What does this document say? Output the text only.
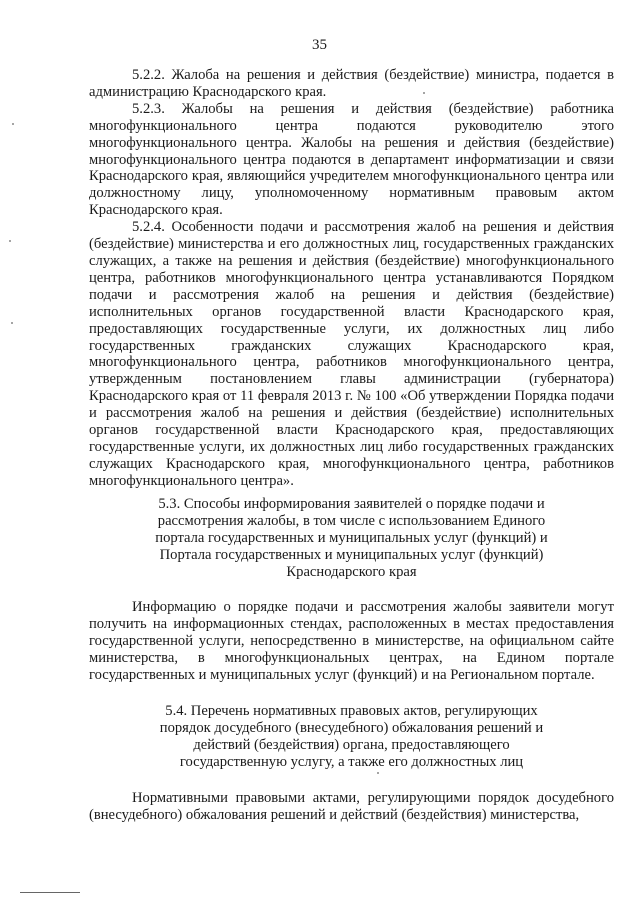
35

5.2.2. Жалоба на решения и действия (бездействие) министра, подается в администрацию Краснодарского края.

5.2.3. Жалобы на решения и действия (бездействие) работника многофункционального центра подаются руководителю этого многофункционального центра. Жалобы на решения и действия (бездействие) многофункционального центра подаются в департамент информатизации и связи Краснодарского края, являющийся учредителем многофункционального центра или должностному лицу, уполномоченному нормативным правовым актом Краснодарского края.

5.2.4. Особенности подачи и рассмотрения жалоб на решения и действия (бездействие) министерства и его должностных лиц, государственных гражданских служащих, а также на решения и действия (бездействие) многофункционального центра, работников многофункционального центра устанавливаются Порядком подачи и рассмотрения жалоб на решения и действия (бездействие) исполнительных органов государственной власти Краснодарского края, предоставляющих государственные услуги, их должностных лиц либо государственных гражданских служащих Краснодарского края, многофункционального центра, работников многофункционального центра, утвержденным постановлением главы администрации (губернатора) Краснодарского края от 11 февраля 2013 г. № 100 «Об утверждении Порядка подачи и рассмотрения жалоб на решения и действия (бездействие) исполнительных органов государственной власти Краснодарского края, предоставляющих государственные услуги, их должностных лиц либо государственных гражданских служащих Краснодарского края, многофункционального центра, работников многофункционального центра».

5.3. Способы информирования заявителей о порядке подачи и
рассмотрения жалобы, в том числе с использованием Единого
портала государственных и муниципальных услуг (функций) и
Портала государственных и муниципальных услуг (функций)
Краснодарского края

Информацию о порядке подачи и рассмотрения жалобы заявители могут получить на информационных стендах, расположенных в местах предоставления государственной услуги, непосредственно в министерстве, на официальном сайте министерства, в многофункциональных центрах, на Едином портале государственных и муниципальных услуг (функций) и на Региональном портале.

5.4. Перечень нормативных правовых актов, регулирующих
порядок досудебного (внесудебного) обжалования решений и
действий (бездействия) органа, предоставляющего
государственную услугу, а также его должностных лиц

Нормативными правовыми актами, регулирующими порядок досудебного (внесудебного) обжалования решений и действий (бездействия) министерства,
